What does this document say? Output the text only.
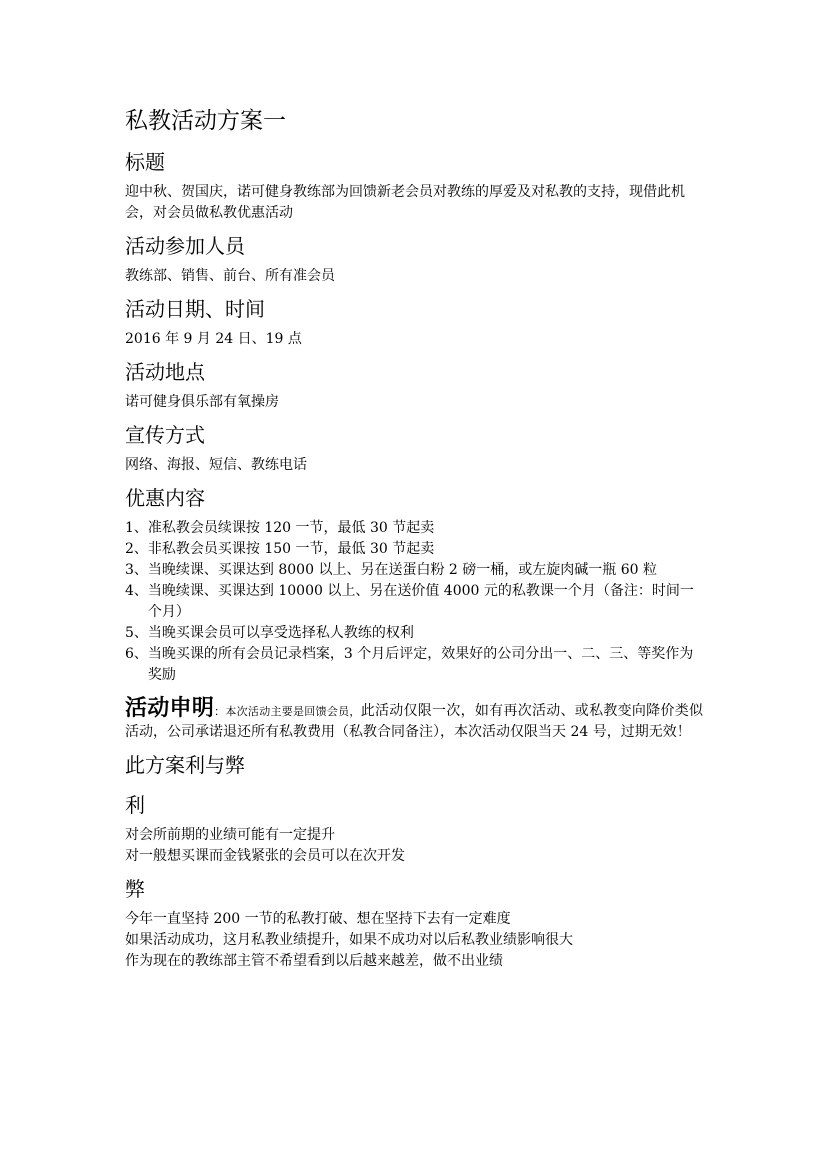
私教活动方案一
标题
迎中秋、贺国庆，诺可健身教练部为回馈新老会员对教练的厚爱及对私教的支持，现借此机会，对会员做私教优惠活动
活动参加人员
教练部、销售、前台、所有准会员
活动日期、时间
2016 年 9 月 24 日、19 点
活动地点
诺可健身俱乐部有氧操房
宣传方式
网络、海报、短信、教练电话
优惠内容
1、 准私教会员续课按 120 一节，最低 30 节起卖
2、 非私教会员买课按 150 一节，最低 30 节起卖
3、 当晚续课、买课达到 8000 以上、另在送蛋白粉 2 磅一桶，或左旋肉碱一瓶 60 粒
4、 当晚续课、买课达到 10000 以上、另在送价值 4000 元的私教课一个月（备注：时间一个月）
5、 当晚买课会员可以享受选择私人教练的权利
6、 当晚买课的所有会员记录档案，3 个月后评定，效果好的公司分出一、二、三、等奖作为奖励
活动申明：本次活动主要是回馈会员，此活动仅限一次，如有再次活动、或私教变向降价类似活动，公司承诺退还所有私教费用（私教合同备注），本次活动仅限当天 24 号，过期无效！
此方案利与弊
利
对会所前期的业绩可能有一定提升
对一般想买课而金钱紧张的会员可以在次开发
弊
今年一直坚持 200 一节的私教打破、想在坚持下去有一定难度
如果活动成功，这月私教业绩提升，如果不成功对以后私教业绩影响很大
作为现在的教练部主管不希望看到以后越来越差，做不出业绩
